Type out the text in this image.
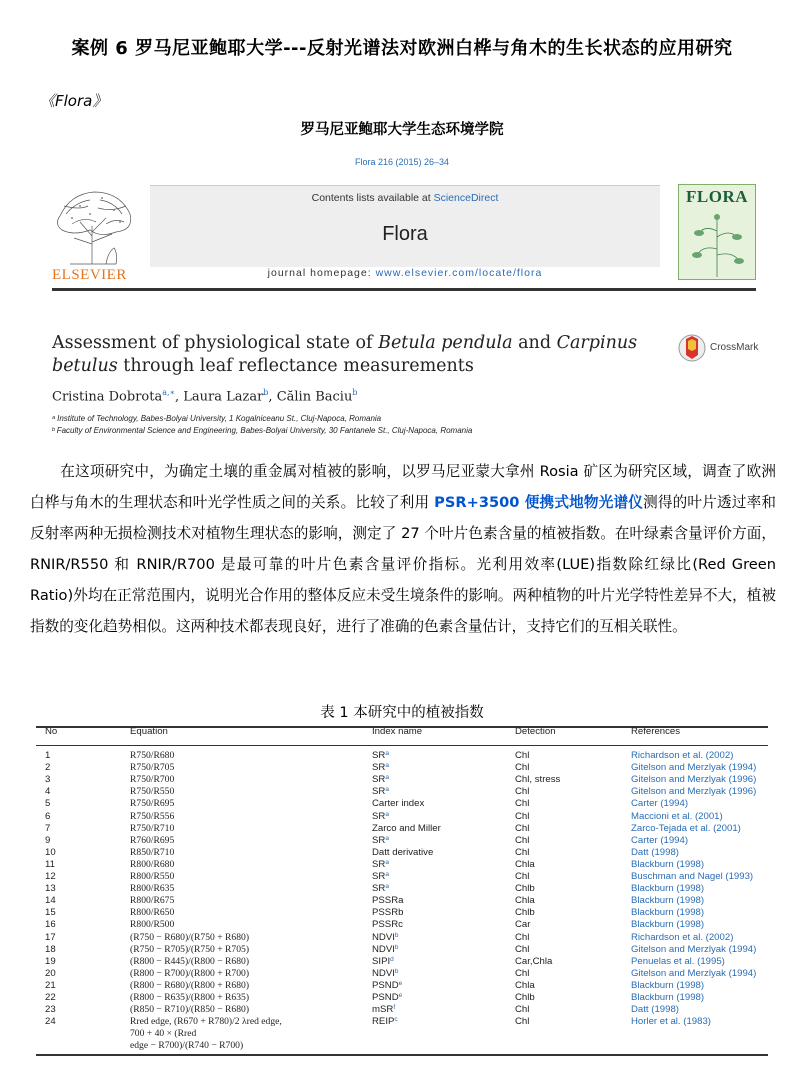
案例 6 罗马尼亚鲍耶大学---反射光谱法对欧洲白桦与角木的生长状态的应用研究
《Flora》
罗马尼亚鲍耶大学生态环境学院
Flora 216 (2015) 26–34
ELSEVIER
Contents lists available at ScienceDirect
Flora
journal homepage: www.elsevier.com/locate/flora
FLORA
Assessment of physiological state of Betula pendula and Carpinus
betulus through leaf reflectance measurements
CrossMark
Cristina Dobrota$^{a,∗}$, Laura Lazar$^b$, Călin Baciu$^b$
ᵃ Institute of Technology, Babes-Bolyai University, 1 Kogalniceanu St., Cluj-Napoca, Romania
ᵇ Faculty of Environmental Science and Engineering, Babes-Bolyai University, 30 Fantanele St., Cluj-Napoca, Romania
在这项研究中，为确定土壤的重金属对植被的影响，以罗马尼亚蒙大拿州 Rosia 矿区为研究区域，调查了欧洲白桦与角木的生理状态和叶光学性质之间的关系。比较了利用 PSR+3500 便携式地物光谱仪测得的叶片透过率和反射率两种无损检测技术对植物生理状态的影响，测定了 27 个叶片色素含量的植被指数。在叶绿素含量评价方面，RNIR/R550 和 RNIR/R700 是最可靠的叶片色素含量评价指标。光利用效率(LUE)指数除红绿比(Red Green Ratio)外均在正常范围内，说明光合作用的整体反应未受生境条件的影响。两种植物的叶片光学特性差异不大，植被指数的变化趋势相似。这两种技术都表现良好，进行了准确的色素含量估计，支持它们的互相关联性。
表 1 本研究中的植被指数
No	Equation	Index name	Detection	References
1	R750/R680	$SR^a$	Chl	Richardson et al. (2002)
2	R750/R705	$SR^a$	Chl	Gitelson and Merzlyak (1994)
3	R750/R700	$SR^a$	Chl, stress	Gitelson and Merzlyak (1996)
4	R750/R550	$SR^a$	Chl	Gitelson and Merzlyak (1996)
5	R750/R695	Carter index	Chl	Carter (1994)
6	R750/R556	$SR^a$	Chl	Maccioni et al. (2001)
7	R750/R710	Zarco and Miller	Chl	Zarco-Tejada et al. (2001)
9	R760/R695	$SR^a$	Chl	Carter (1994)
10	R850/R710	Datt derivative	Chl	Datt (1998)
11	R800/R680	$SR^a$	Chla	Blackburn (1998)
12	R800/R550	$SR^a$	Chl	Buschman and Nagel (1993)
13	R800/R635	$SR^a$	Chlb	Blackburn (1998)
14	R800/R675	PSSRa	Chla	Blackburn (1998)
15	R800/R650	PSSRb	Chlb	Blackburn (1998)
16	R800/R500	PSSRc	Car	Blackburn (1998)
17	(R750 − R680)/(R750 + R680)	NDVI$^b$	Chl	Richardson et al. (2002)
18	(R750 − R705)/(R750 + R705)	NDVI$^b$	Chl	Gitelson and Merzlyak (1994)
19	(R800 − R445)/(R800 − R680)	SIPI$^d$	Car,Chla	Penuelas et al. (1995)
20	(R800 − R700)/(R800 + R700)	NDVI$^b$	Chl	Gitelson and Merzlyak (1994)
21	(R800 − R680)/(R800 + R680)	PSND$^e$	Chla	Blackburn (1998)
22	(R800 − R635)/(R800 + R635)	PSND$^e$	Chlb	Blackburn (1998)
23	(R850 − R710)/(R850 − R680)	mSR$^f$	Chl	Datt (1998)
24	Rred edge, (R670 + R780)/2 λred edge,	REIP$^c$	Chl	Horler et al. (1983)
700 + 40 × (Rred
edge − R700)/(R740 − R700)
